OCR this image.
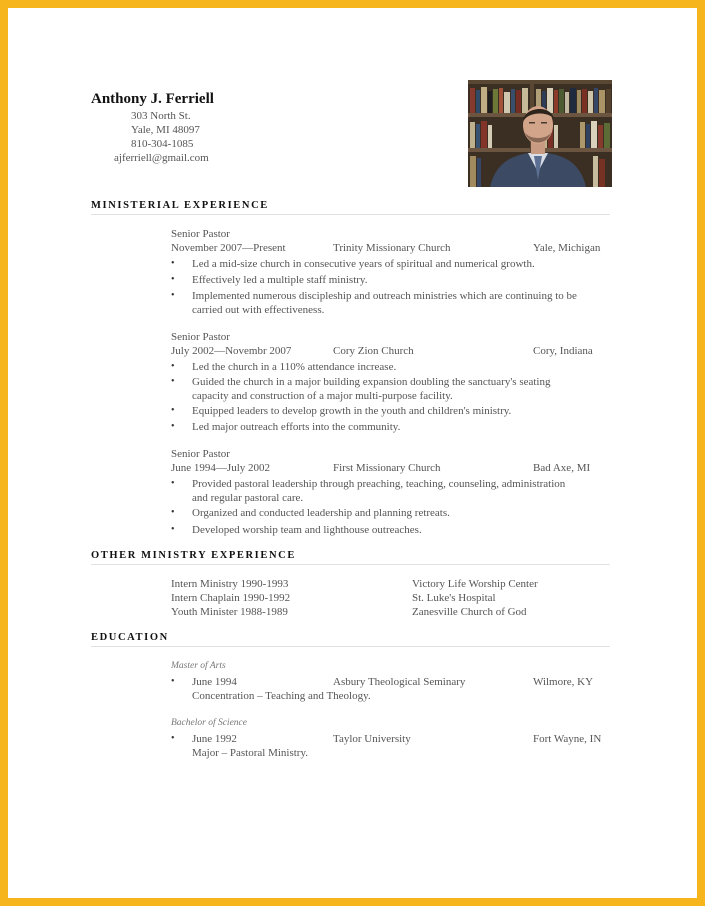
Anthony J. Ferriell
303 North St.
Yale, MI 48097
810-304-1085
ajferriell@gmail.com
MINISTERIAL EXPERIENCE
Senior Pastor
November 2007—Present	Trinity Missionary Church	Yale, Michigan
• Led a mid-size church in consecutive years of spiritual and numerical growth.
• Effectively led a multiple staff ministry.
• Implemented numerous discipleship and outreach ministries which are continuing to be
carried out with effectiveness.
Senior Pastor
July 2002—Novembr 2007	Cory Zion Church	Cory, Indiana
• Led the church in a 110% attendance increase.
• Guided the church in a major building expansion doubling the sanctuary's seating
capacity and construction of a major multi-purpose facility.
• Equipped leaders to develop growth in the youth and children's ministry.
• Led major outreach efforts into the community.
Senior Pastor
June 1994—July 2002	First Missionary Church	Bad Axe, MI
• Provided pastoral leadership through preaching, teaching, counseling, administration
and regular pastoral care.
• Organized and conducted leadership and planning retreats.
• Developed worship team and lighthouse outreaches.
OTHER MINISTRY EXPERIENCE
Intern Ministry 1990-1993	Victory Life Worship Center
Intern Chaplain 1990-1992	St. Luke's Hospital
Youth Minister 1988-1989	Zanesville Church of God
EDUCATION
Master of Arts
• June 1994	Asbury Theological Seminary	Wilmore, KY
Concentration – Teaching and Theology.
Bachelor of Science
• June 1992	Taylor University	Fort Wayne, IN
Major – Pastoral Ministry.
